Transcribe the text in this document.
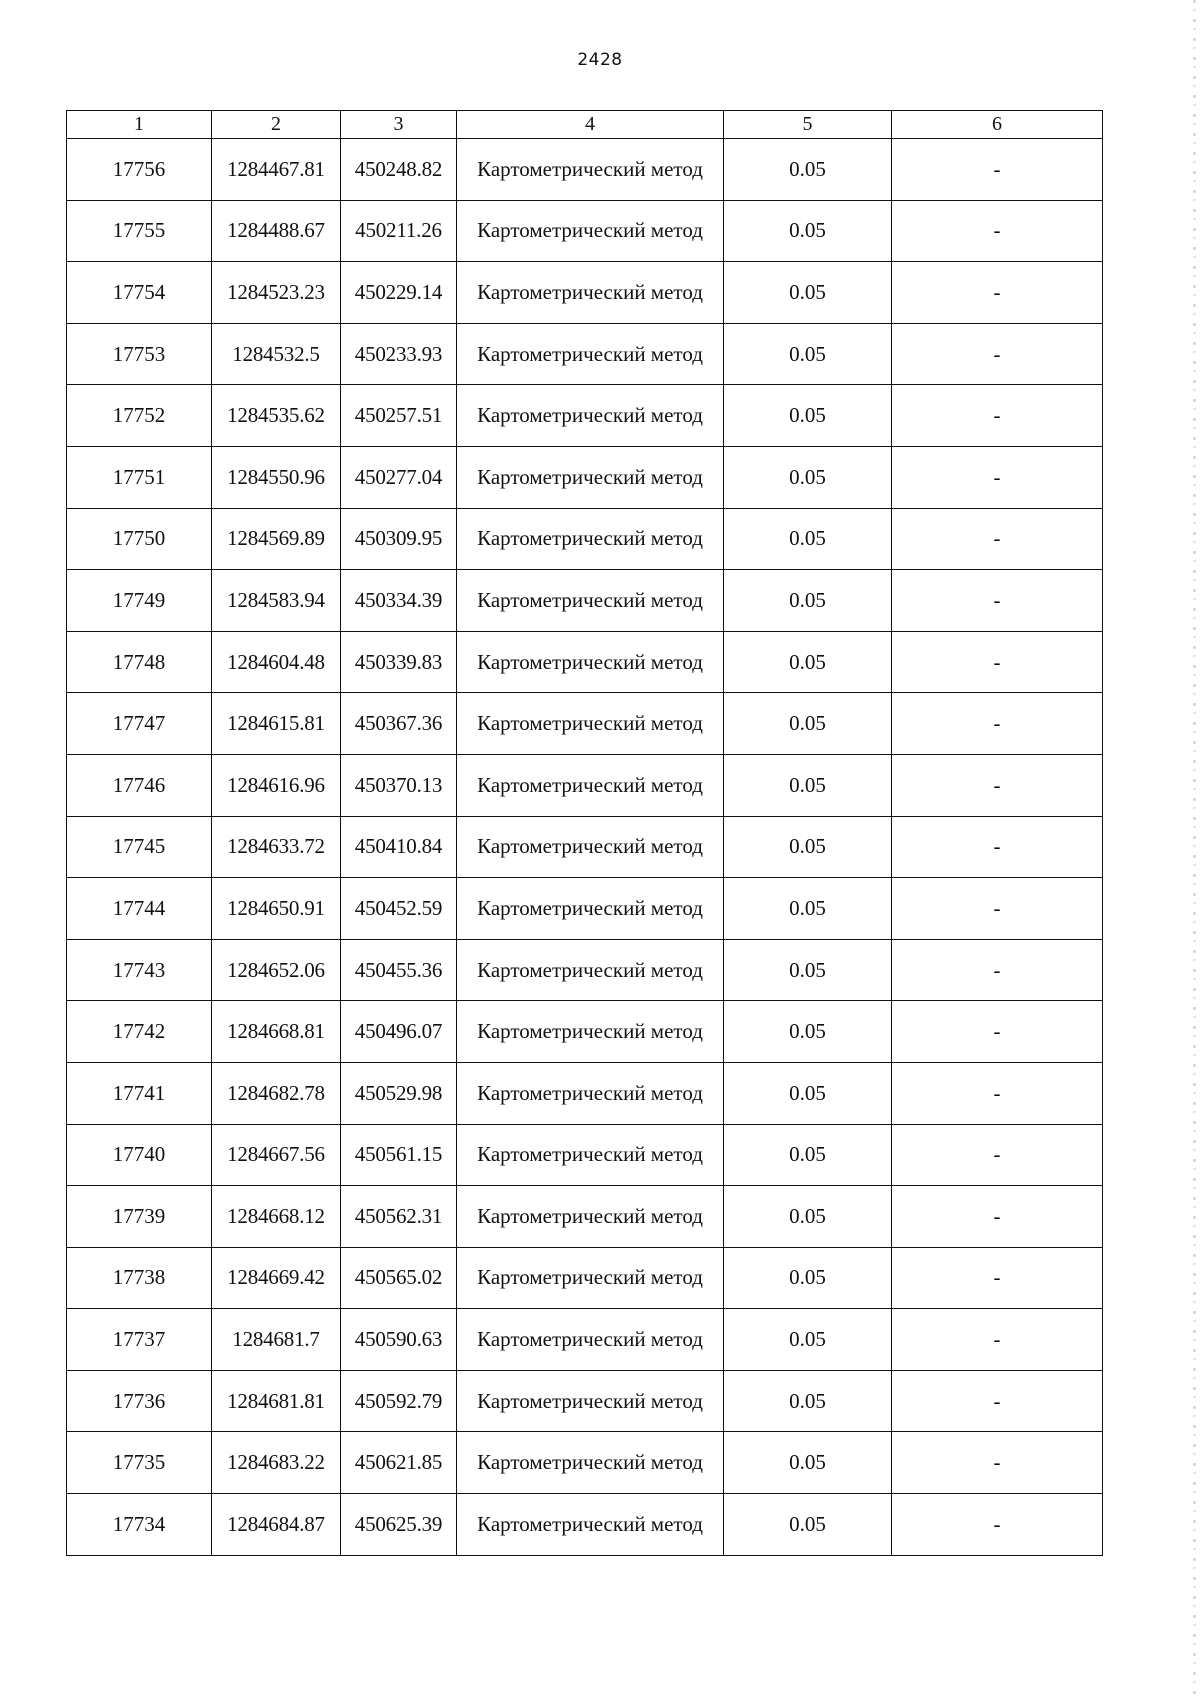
2428
1	2	3	4	5	6
17756	1284467.81	450248.82	Картометрический метод	0.05	-
17755	1284488.67	450211.26	Картометрический метод	0.05	-
17754	1284523.23	450229.14	Картометрический метод	0.05	-
17753	1284532.5	450233.93	Картометрический метод	0.05	-
17752	1284535.62	450257.51	Картометрический метод	0.05	-
17751	1284550.96	450277.04	Картометрический метод	0.05	-
17750	1284569.89	450309.95	Картометрический метод	0.05	-
17749	1284583.94	450334.39	Картометрический метод	0.05	-
17748	1284604.48	450339.83	Картометрический метод	0.05	-
17747	1284615.81	450367.36	Картометрический метод	0.05	-
17746	1284616.96	450370.13	Картометрический метод	0.05	-
17745	1284633.72	450410.84	Картометрический метод	0.05	-
17744	1284650.91	450452.59	Картометрический метод	0.05	-
17743	1284652.06	450455.36	Картометрический метод	0.05	-
17742	1284668.81	450496.07	Картометрический метод	0.05	-
17741	1284682.78	450529.98	Картометрический метод	0.05	-
17740	1284667.56	450561.15	Картометрический метод	0.05	-
17739	1284668.12	450562.31	Картометрический метод	0.05	-
17738	1284669.42	450565.02	Картометрический метод	0.05	-
17737	1284681.7	450590.63	Картометрический метод	0.05	-
17736	1284681.81	450592.79	Картометрический метод	0.05	-
17735	1284683.22	450621.85	Картометрический метод	0.05	-
17734	1284684.87	450625.39	Картометрический метод	0.05	-
